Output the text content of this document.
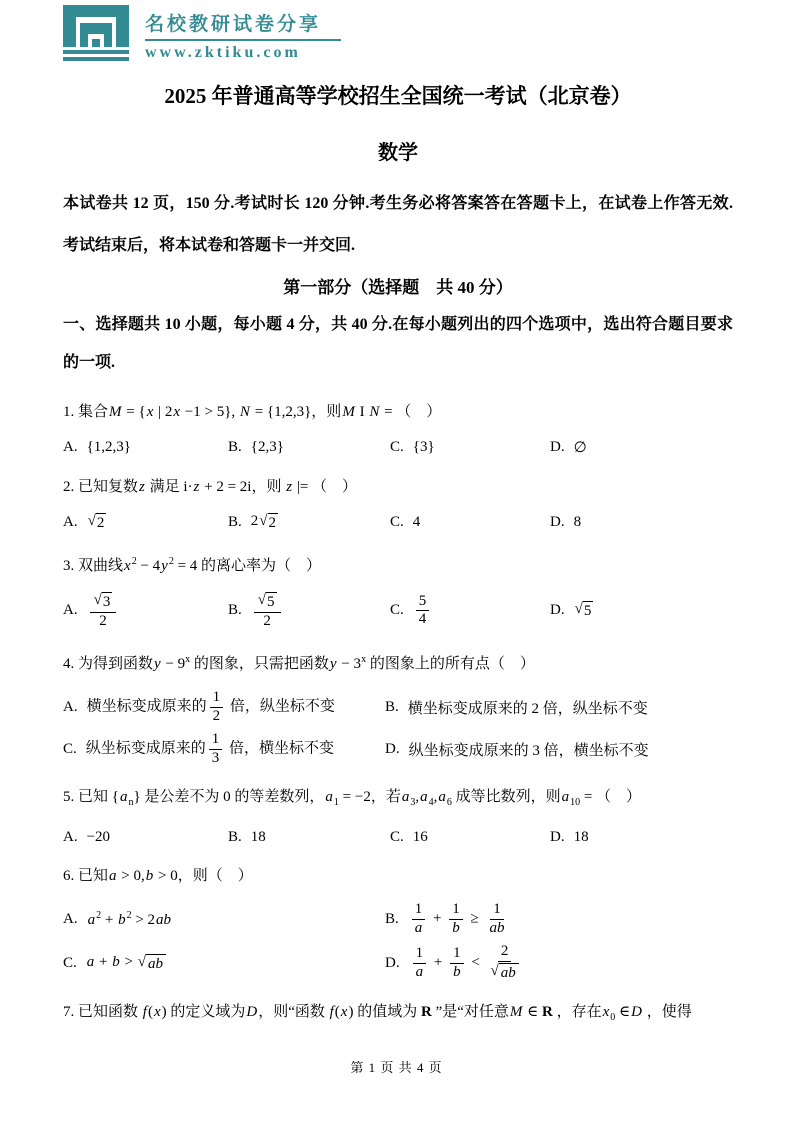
名校教研试卷分享
www.zktiku.com
2025 年普通高等学校招生全国统一考试（北京卷）
数学
本试卷共 12 页，150 分.考试时长 120 分钟.考生务必将答案答在答题卡上，在试卷上作答无效.考试结束后，将本试卷和答题卡一并交回.
第一部分（选择题　共 40 分）
一、选择题共 10 小题，每小题 4 分，共 40 分.在每小题列出的四个选项中，选出符合题目要求的一项.
1. 集合M = {x | 2x −1 > 5}, N = {1,2,3}，则M I N = （　）
A. {1,2,3}	B. {2,3}	C. {3}	D. ∅
2. 已知复数z 满足 i·z + 2 = 2i，则 z |= （　）
A. √ 2	B. 2 √ 2	C. 4	D. 8
3. 双曲线$x^2 - 4y^2 = 4$ 的离心率为（　）
A. $\frac{√ 3}{2}$	B. $\frac{√ 5}{2}$	C. $\frac{5}{4}$	D. √ 5
4. 为得到函数$y - 9^x$ 的图象，只需把函数$y - 3^x$ 的图象上的所有点（　）
A. 横坐标变成原来的 $\frac{1}{2}$ 倍，纵坐标不变	B. 横坐标变成原来的 2 倍，纵坐标不变
C. 纵坐标变成原来的 $\frac{1}{3}$ 倍，横坐标不变	D. 纵坐标变成原来的 3 倍，横坐标不变
5. 已知 $\{a_n\}$ 是公差不为 0 的等差数列，$a_1 = -2$，若$a_3,a_4,a_6$ 成等比数列，则$a_{10}$ = （　）
A. −20	B. 18	C. 16	D. 18
6. 已知a > 0,b > 0，则（　）
A. $a^2 + b^2 > 2ab$	B. $\frac{1}{a} + \frac{1}{b} \ge \frac{1}{ab}$
C. a + b > √ ab	D. $\frac{1}{a} + \frac{1}{b} < \frac{2}{√ ab}$
7. 已知函数 f(x) 的定义域为D，则“函数 f(x) 的值域为 R ”是“对任意M ∈ R ，存在$x_0$ ∈D ，使得
第 1 页 共 4 页
